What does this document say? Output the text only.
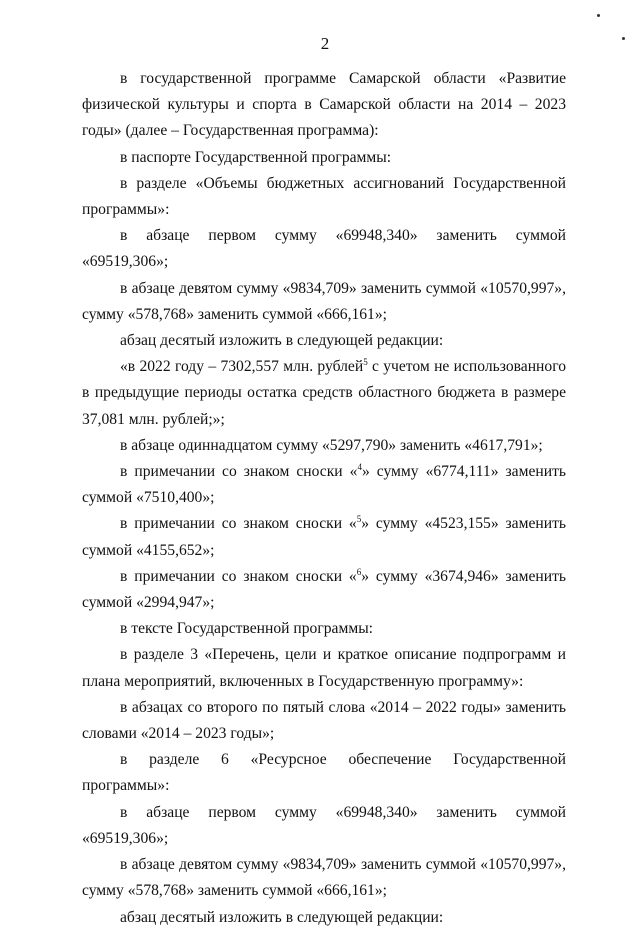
2

в государственной программе Самарской области «Развитие физической культуры и спорта в Самарской области на 2014 – 2023 годы» (далее – Государственная программа):

в паспорте Государственной программы:

в разделе «Объемы бюджетных ассигнований Государственной программы»:

в абзаце первом сумму «69948,340» заменить суммой «69519,306»;

в абзаце девятом сумму «9834,709» заменить суммой «10570,997», сумму «578,768» заменить суммой «666,161»;

абзац десятый изложить в следующей редакции:

«в 2022 году – 7302,557 млн. рублей$^5$ с учетом не использованного в предыдущие периоды остатка средств областного бюджета в размере 37,081 млн. рублей;»;

в абзаце одиннадцатом сумму «5297,790» заменить «4617,791»;

в примечании со знаком сноски «$^4$» сумму «6774,111» заменить суммой «7510,400»;

в примечании со знаком сноски «$^5$» сумму «4523,155» заменить суммой «4155,652»;

в примечании со знаком сноски «$^6$» сумму «3674,946» заменить суммой «2994,947»;

в тексте Государственной программы:

в разделе 3 «Перечень, цели и краткое описание подпрограмм и плана мероприятий, включенных в Государственную программу»:

в абзацах со второго по пятый слова «2014 – 2022 годы» заменить словами «2014 – 2023 годы»;

в разделе 6 «Ресурсное обеспечение Государственной программы»:

в абзаце первом сумму «69948,340» заменить суммой «69519,306»;

в абзаце девятом сумму «9834,709» заменить суммой «10570,997», сумму «578,768» заменить суммой «666,161»;

абзац десятый изложить в следующей редакции:
